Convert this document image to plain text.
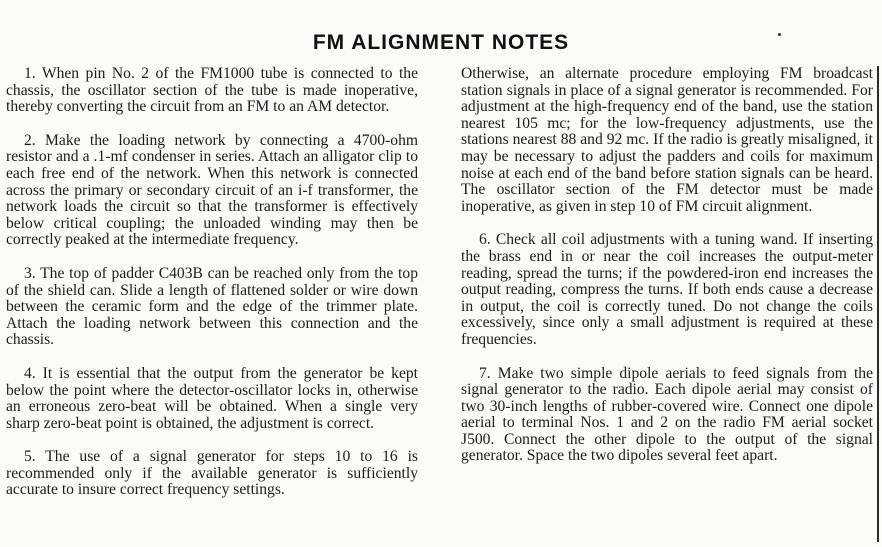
FM ALIGNMENT NOTES

1. When pin No. 2 of the FM1000 tube is connected to the chassis, the oscillator section of the tube is made inoperative, thereby converting the circuit from an FM to an AM detector.

2. Make the loading network by connecting a 4700-ohm resistor and a .1-mf condenser in series. Attach an alligator clip to each free end of the network. When this network is connected across the primary or secondary circuit of an i-f transformer, the network loads the circuit so that the transformer is effectively below critical coupling; the unloaded winding may then be correctly peaked at the intermediate frequency.

3. The top of padder C403B can be reached only from the top of the shield can. Slide a length of flattened solder or wire down between the ceramic form and the edge of the trimmer plate. Attach the loading network between this connection and the chassis.

4. It is essential that the output from the generator be kept below the point where the detector-oscillator locks in, otherwise an erroneous zero-beat will be obtained. When a single very sharp zero-beat point is obtained, the adjustment is correct.

5. The use of a signal generator for steps 10 to 16 is recommended only if the available generator is sufficiently accurate to insure correct frequency settings.

Otherwise, an alternate procedure employing FM broadcast station signals in place of a signal generator is recommended. For adjustment at the high-frequency end of the band, use the station nearest 105 mc; for the low-frequency adjustments, use the stations nearest 88 and 92 mc. If the radio is greatly misaligned, it may be necessary to adjust the padders and coils for maximum noise at each end of the band before station signals can be heard. The oscillator section of the FM detector must be made inoperative, as given in step 10 of FM circuit alignment.

6. Check all coil adjustments with a tuning wand. If inserting the brass end in or near the coil increases the output-meter reading, spread the turns; if the powdered-iron end increases the output reading, compress the turns. If both ends cause a decrease in output, the coil is correctly tuned. Do not change the coils excessively, since only a small adjustment is required at these frequencies.

7. Make two simple dipole aerials to feed signals from the signal generator to the radio. Each dipole aerial may consist of two 30-inch lengths of rubber-covered wire. Connect one dipole aerial to terminal Nos. 1 and 2 on the radio FM aerial socket J500. Connect the other dipole to the output of the signal generator. Space the two dipoles several feet apart.
